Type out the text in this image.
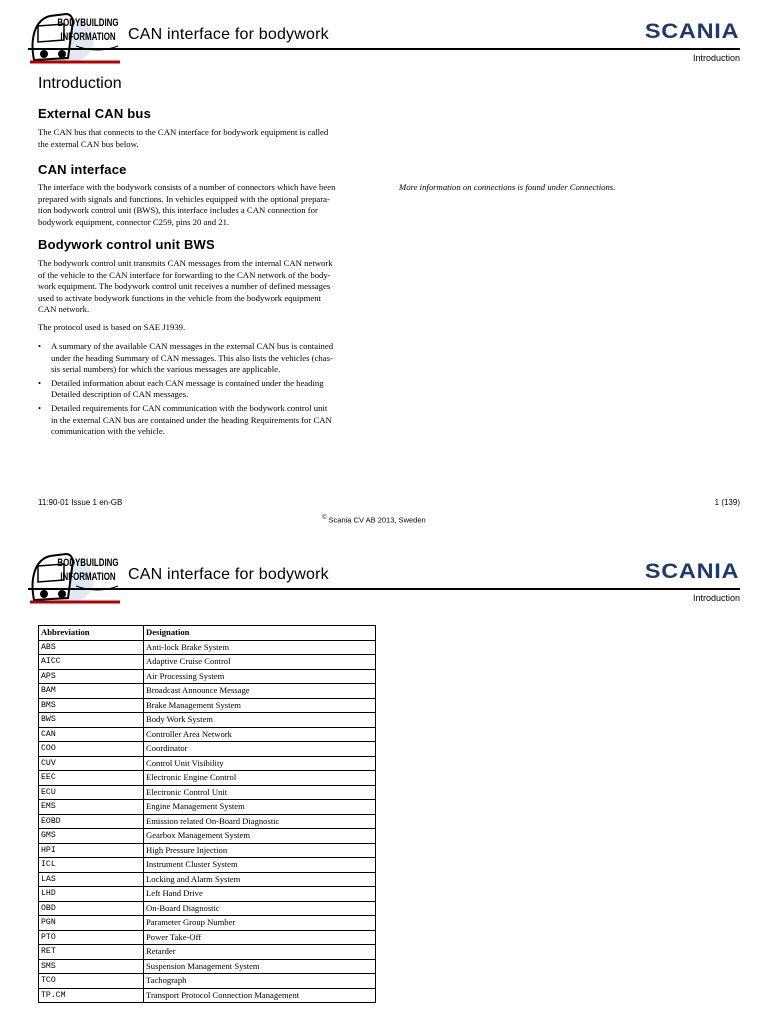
BODYBUILDING
INFORMATION CAN interface for bodywork	SCANIA
Introduction
Introduction
External CAN bus
The CAN bus that connects to the CAN interface for bodywork equipment is called
the external CAN bus below.
CAN interface
The interface with the bodywork consists of a number of connectors which have been
prepared with signals and functions. In vehicles equipped with the optional prepara-
tion bodywork control unit (BWS), this interface includes a CAN connection for
bodywork equipment, connector C259, pins 20 and 21.
More information on connections is found under Connections.
Bodywork control unit BWS
The bodywork control unit transmits CAN messages from the internal CAN network
of the vehicle to the CAN interface for forwarding to the CAN network of the body-
work equipment. The bodywork control unit receives a number of defined messages
used to activate bodywork functions in the vehicle from the bodywork equipment
CAN network.
The protocol used is based on SAE J1939.
• A summary of the available CAN messages in the external CAN bus is contained
under the heading Summary of CAN messages. This also lists the vehicles (chas-
sis serial numbers) for which the various messages are applicable.
• Detailed information about each CAN message is contained under the heading
Detailed description of CAN messages.
• Detailed requirements for CAN communication with the bodywork control unit
in the external CAN bus are contained under the heading Requirements for CAN
communication with the vehicle.
11:90-01 Issue 1 en-GB	1 (139)
© Scania CV AB 2013, Sweden
BODYBUILDING
INFORMATION CAN interface for bodywork	SCANIA
Introduction
Abbreviation	Designation
ABS	Anti-lock Brake System
AICC	Adaptive Cruise Control
APS	Air Processing System
BAM	Broadcast Announce Message
BMS	Brake Management System
BWS	Body Work System
CAN	Controller Area Network
COO	Coordinator
CUV	Control Unit Visibility
EEC	Electronic Engine Control
ECU	Electronic Control Unit
EMS	Engine Management System
EOBD	Emission related On-Board Diagnostic
GMS	Gearbox Management System
HPI	High Pressure Injection
ICL	Instrument Cluster System
LAS	Locking and Alarm System
LHD	Left Hand Drive
OBD	On-Board Diagnostic
PGN	Parameter Group Number
PTO	Power Take-Off
RET	Retarder
SMS	Suspension Management System
TCO	Tachograph
TP.CM	Transport Protocol Connection Management
